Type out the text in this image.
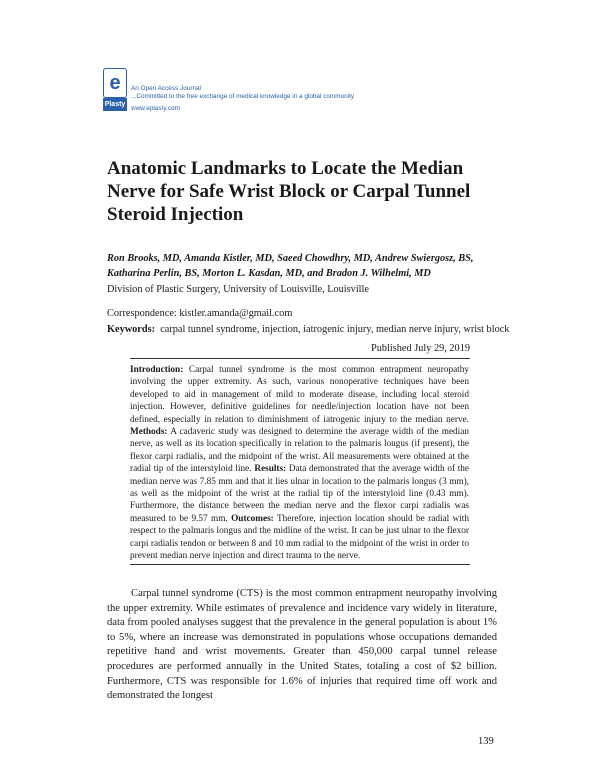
e
Plasty
An Open Access Journal
...Committed to the free exchange of medical knowledge in a global community
www.eplasty.com
Anatomic Landmarks to Locate the Median Nerve for Safe Wrist Block or Carpal Tunnel Steroid Injection
Ron Brooks, MD, Amanda Kistler, MD, Saeed Chowdhry, MD, Andrew Swiergosz, BS, Katharina Perlin, BS, Morton L. Kasdan, MD, and Bradon J. Wilhelmi, MD
Division of Plastic Surgery, University of Louisville, Louisville
Correspondence: kistler.amanda@gmail.com
Keywords: carpal tunnel syndrome, injection, iatrogenic injury, median nerve injury, wrist block
Published July 29, 2019
Introduction: Carpal tunnel syndrome is the most common entrapment neuropathy involving the upper extremity. As such, various nonoperative techniques have been developed to aid in management of mild to moderate disease, including local steroid injection. However, definitive guidelines for needle/injection location have not been defined, especially in relation to diminishment of iatrogenic injury to the median nerve. Methods: A cadaveric study was designed to determine the average width of the median nerve, as well as its location specifically in relation to the palmaris longus (if present), the flexor carpi radialis, and the midpoint of the wrist. All measurements were obtained at the radial tip of the interstyloid line. Results: Data demonstrated that the average width of the median nerve was 7.85 mm and that it lies ulnar in location to the palmaris longus (3 mm), as well as the midpoint of the wrist at the radial tip of the interstyloid line (0.43 mm). Furthermore, the distance between the median nerve and the flexor carpi radialis was measured to be 9.57 mm. Outcomes: Therefore, injection location should be radial with respect to the palmaris longus and the midline of the wrist. It can be just ulnar to the flexor carpi radialis tendon or between 8 and 10 mm radial to the midpoint of the wrist in order to prevent median nerve injection and direct trauma to the nerve.

Carpal tunnel syndrome (CTS) is the most common entrapment neuropathy involving the upper extremity. While estimates of prevalence and incidence vary widely in literature, data from pooled analyses suggest that the prevalence in the general population is about 1% to 5%, where an increase was demonstrated in populations whose occupations demanded repetitive hand and wrist movements. Greater than 450,000 carpal tunnel release procedures are performed annually in the United States, totaling a cost of $2 billion. Furthermore, CTS was responsible for 1.6% of injuries that required time off work and demonstrated the longest

139
